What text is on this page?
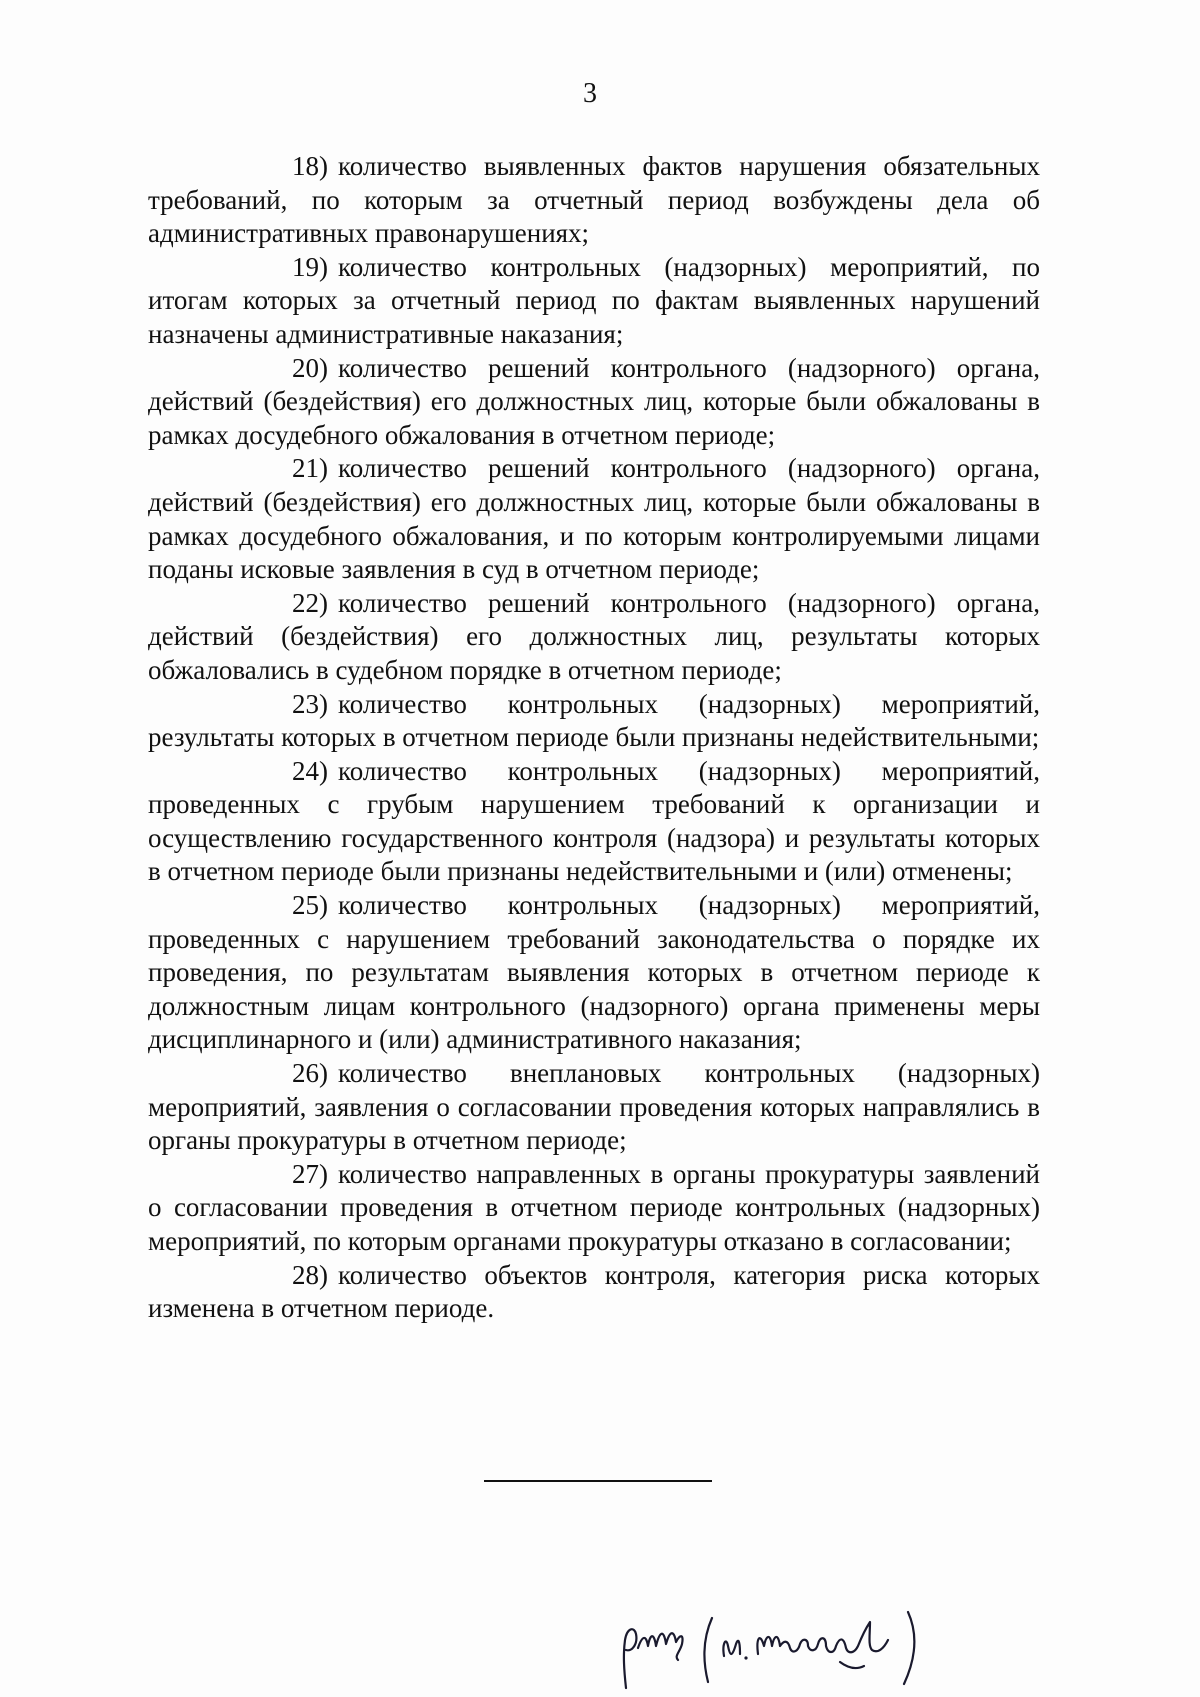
3

18) количество выявленных фактов нарушения обязательных требований, по которым за отчетный период возбуждены дела об административных правонарушениях;

19) количество контрольных (надзорных) мероприятий, по итогам которых за отчетный период по фактам выявленных нарушений назначены административные наказания;

20) количество решений контрольного (надзорного) органа, действий (бездействия) его должностных лиц, которые были обжалованы в рамках досудебного обжалования в отчетном периоде;

21) количество решений контрольного (надзорного) органа, действий (бездействия) его должностных лиц, которые были обжалованы в рамках досудебного обжалования, и по которым контролируемыми лицами поданы исковые заявления в суд в отчетном периоде;

22) количество решений контрольного (надзорного) органа, действий (бездействия) его должностных лиц, результаты которых обжаловались в судебном порядке в отчетном периоде;

23) количество контрольных (надзорных) мероприятий, результаты которых в отчетном периоде были признаны недействительными;

24) количество контрольных (надзорных) мероприятий, проведенных с грубым нарушением требований к организации и осуществлению государственного контроля (надзора) и результаты которых в отчетном периоде были признаны недействительными и (или) отменены;

25) количество контрольных (надзорных) мероприятий, проведенных с нарушением требований законодательства о порядке их проведения, по результатам выявления которых в отчетном периоде к должностным лицам контрольного (надзорного) органа применены меры дисциплинарного и (или) административного наказания;

26) количество внеплановых контрольных (надзорных) мероприятий, заявления о согласовании проведения которых направлялись в органы прокуратуры в отчетном периоде;

27) количество направленных в органы прокуратуры заявлений о согласовании проведения в отчетном периоде контрольных (надзорных) мероприятий, по которым органами прокуратуры отказано в согласовании;

28) количество объектов контроля, категория риска которых изменена в отчетном периоде.
